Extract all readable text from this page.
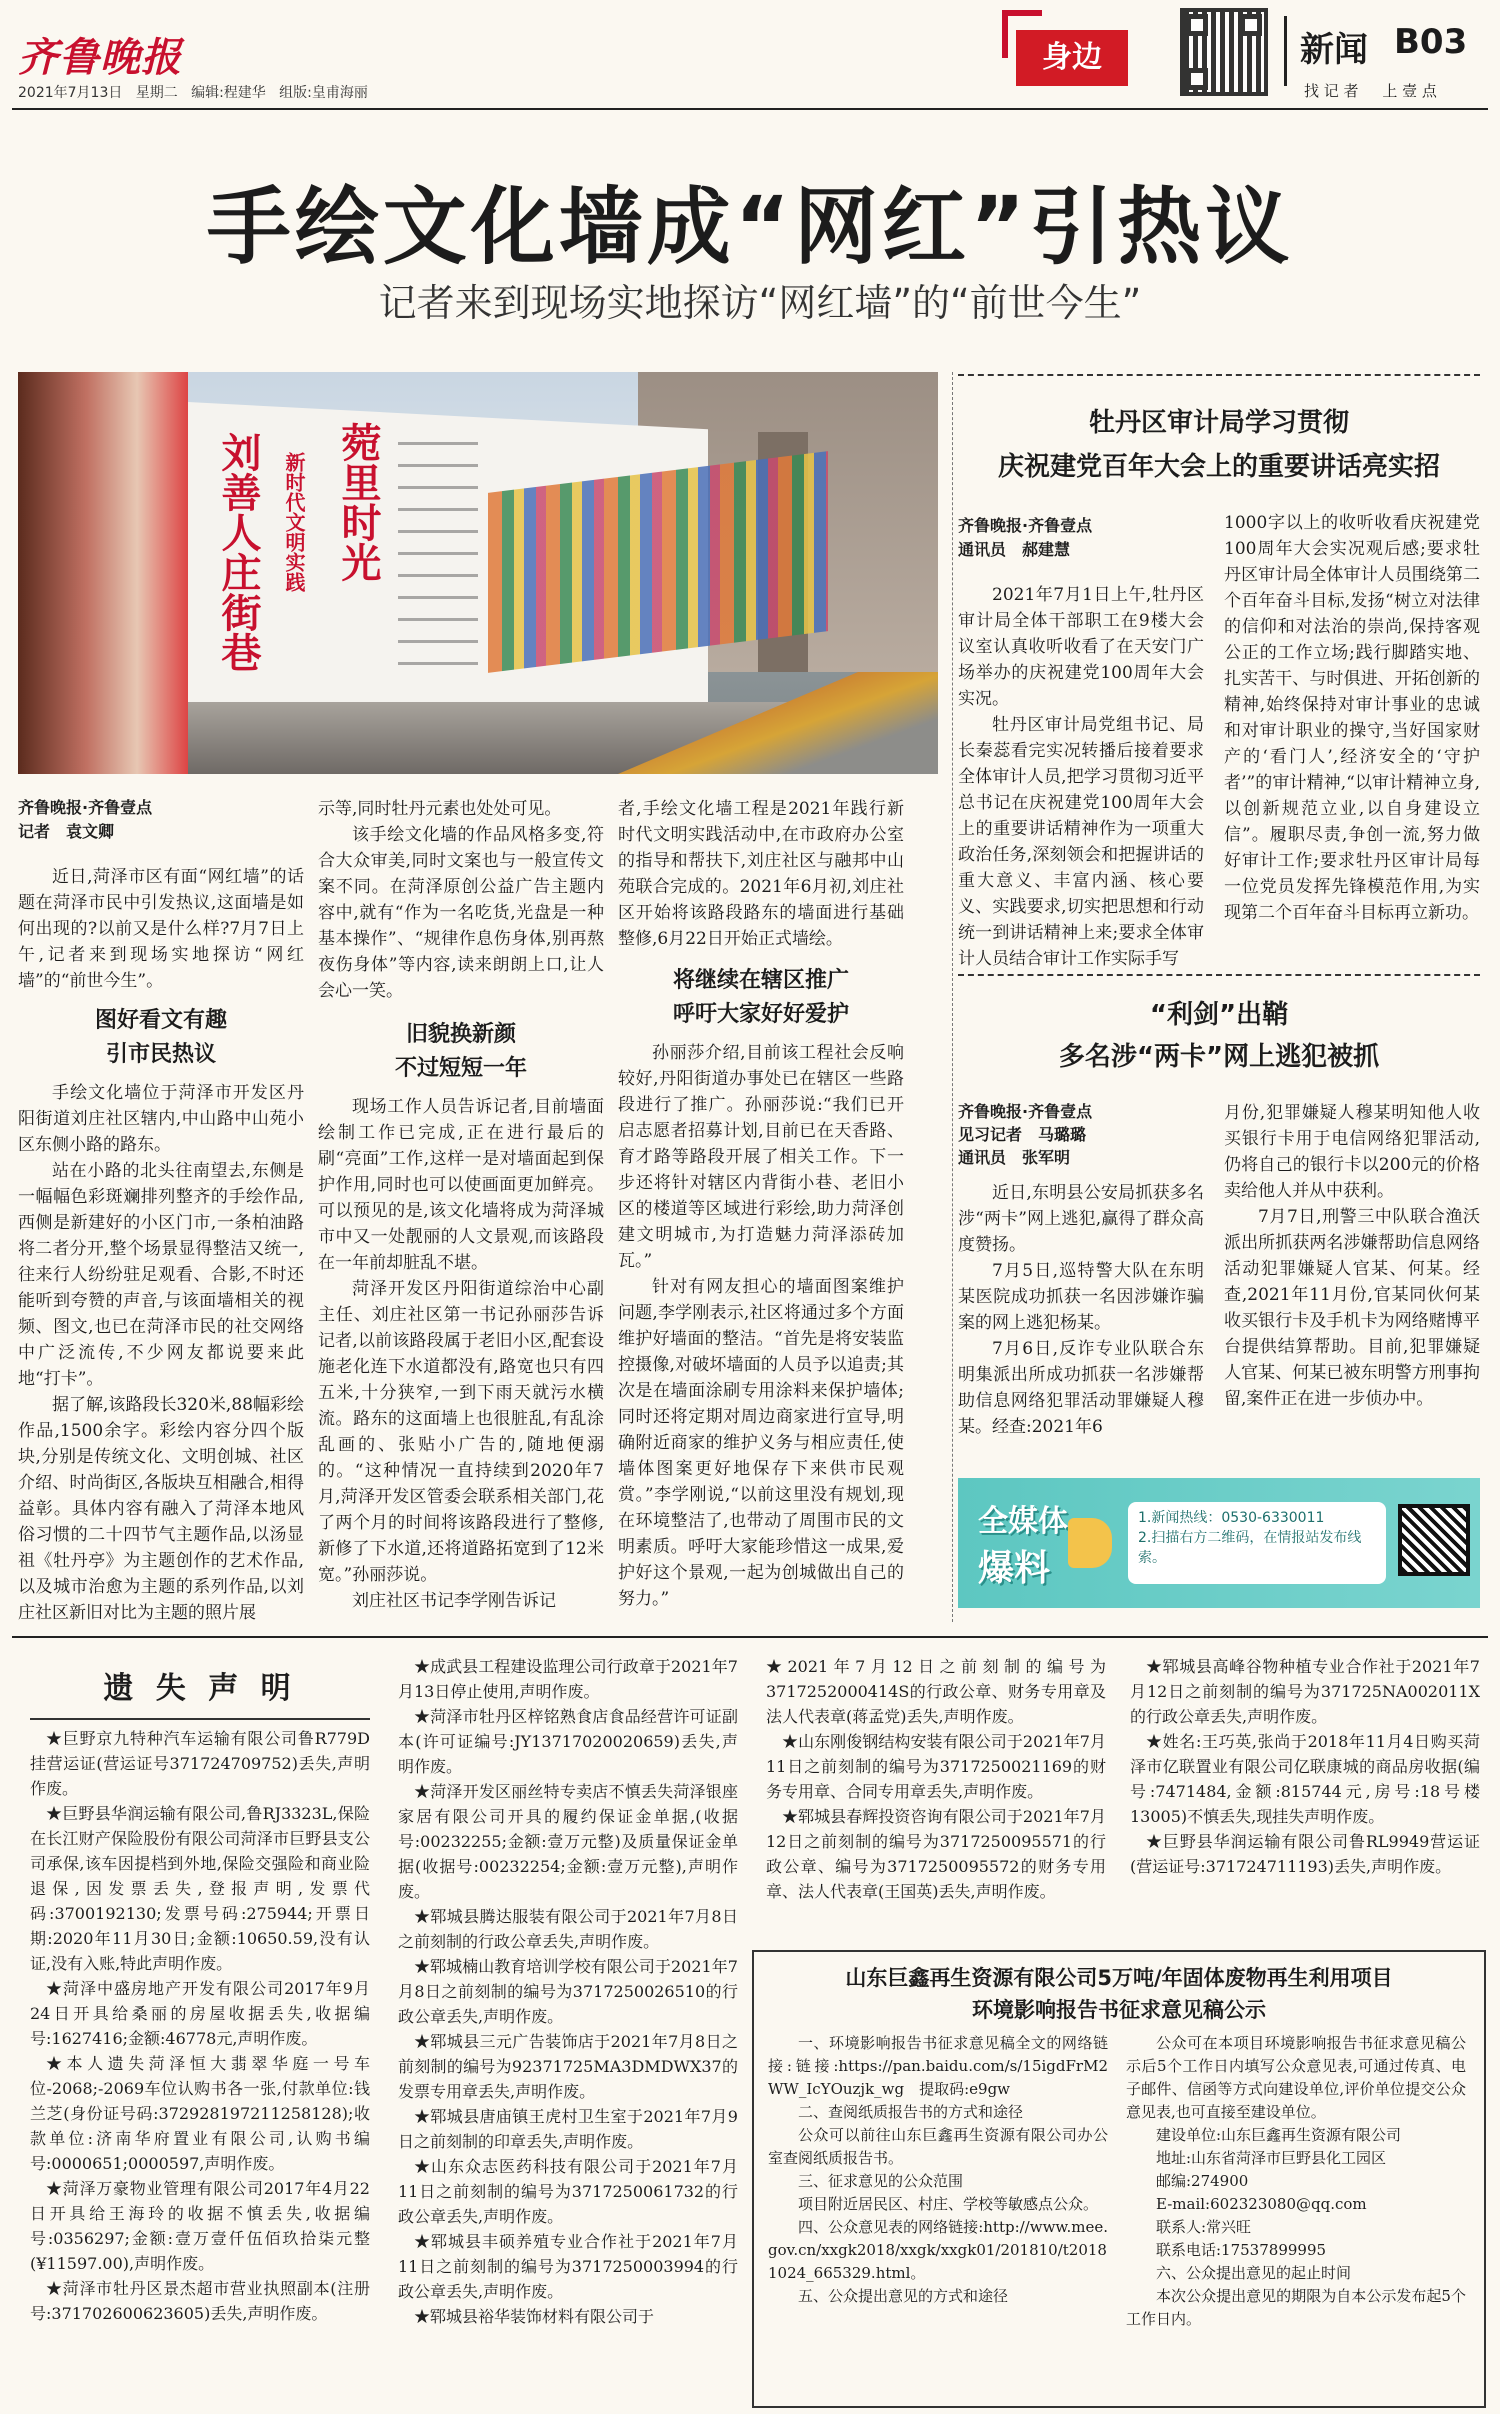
齐鲁晚报
2021年7月13日 星期二 编辑:程建华 组版:皇甫海丽
身边	新闻 B03
找 记 者     上 壹 点
手绘文化墙成“网红”引热议
记者来到现场实地探访“网红墙”的“前世今生”
刘善人庄街巷	新时代文明实践 菀里时光
齐鲁晚报·齐鲁壹点
记者　袁文卿

近日,菏泽市区有面“网红墙”的话题在菏泽市民中引发热议,这面墙是如何出现的?以前又是什么样?7月7日上午,记者来到现场实地探访“网红墙”的“前世今生”。

图好看文有趣
引市民热议

手绘文化墙位于菏泽市开发区丹阳街道刘庄社区辖内,中山路中山苑小区东侧小路的路东。

站在小路的北头往南望去,东侧是一幅幅色彩斑斓排列整齐的手绘作品,西侧是新建好的小区门市,一条柏油路将二者分开,整个场景显得整洁又统一,往来行人纷纷驻足观看、合影,不时还能听到夸赞的声音,与该面墙相关的视频、图文,也已在菏泽市民的社交网络中广泛流传,不少网友都说要来此地“打卡”。

据了解,该路段长320米,88幅彩绘作品,1500余字。彩绘内容分四个版块,分别是传统文化、文明创城、社区介绍、时尚街区,各版块互相融合,相得益彰。具体内容有融入了菏泽本地风俗习惯的二十四节气主题作品,以汤显祖《牡丹亭》为主题创作的艺术作品,以及城市治愈为主题的系列作品,以刘庄社区新旧对比为主题的照片展

示等,同时牡丹元素也处处可见。

该手绘文化墙的作品风格多变,符合大众审美,同时文案也与一般宣传文案不同。在菏泽原创公益广告主题内容中,就有“作为一名吃货,光盘是一种基本操作”、“规律作息伤身体,别再熬夜伤身体”等内容,读来朗朗上口,让人会心一笑。

旧貌换新颜
不过短短一年

现场工作人员告诉记者,目前墙面绘制工作已完成,正在进行最后的刷“亮面”工作,这样一是对墙面起到保护作用,同时也可以使画面更加鲜亮。可以预见的是,该文化墙将成为菏泽城市中又一处靓丽的人文景观,而该路段在一年前却脏乱不堪。

菏泽开发区丹阳街道综治中心副主任、刘庄社区第一书记孙丽莎告诉记者,以前该路段属于老旧小区,配套设施老化连下水道都没有,路宽也只有四五米,十分狭窄,一到下雨天就污水横流。路东的这面墙上也很脏乱,有乱涂乱画的、张贴小广告的,随地便溺的。“这种情况一直持续到2020年7月,菏泽开发区管委会联系相关部门,花了两个月的时间将该路段进行了整修,新修了下水道,还将道路拓宽到了12米宽。”孙丽莎说。

刘庄社区书记李学刚告诉记

者,手绘文化墙工程是2021年践行新时代文明实践活动中,在市政府办公室的指导和帮扶下,刘庄社区与融邦中山苑联合完成的。2021年6月初,刘庄社区开始将该路段路东的墙面进行基础整修,6月22日开始正式墙绘。

将继续在辖区推广
呼吁大家好好爱护

孙丽莎介绍,目前该工程社会反响较好,丹阳街道办事处已在辖区一些路段进行了推广。孙丽莎说:“我们已开启志愿者招募计划,目前已在天香路、育才路等路段开展了相关工作。下一步还将针对辖区内背街小巷、老旧小区的楼道等区域进行彩绘,助力菏泽创建文明城市,为打造魅力菏泽添砖加瓦。”

针对有网友担心的墙面图案维护问题,李学刚表示,社区将通过多个方面维护好墙面的整洁。“首先是将安装监控摄像,对破坏墙面的人员予以追责;其次是在墙面涂刷专用涂料来保护墙体;同时还将定期对周边商家进行宣导,明确附近商家的维护义务与相应责任,使墙体图案更好地保存下来供市民观赏。”李学刚说,“以前这里没有规划,现在环境整洁了,也带动了周围市民的文明素质。呼吁大家能珍惜这一成果,爱护好这个景观,一起为创城做出自己的努力。”

牡丹区审计局学习贯彻
庆祝建党百年大会上的重要讲话亮实招
齐鲁晚报·齐鲁壹点
通讯员　郝建慧

2021年7月1日上午,牡丹区审计局全体干部职工在9楼大会议室认真收听收看了在天安门广场举办的庆祝建党100周年大会实况。

牡丹区审计局党组书记、局长秦蕊看完实况转播后接着要求全体审计人员,把学习贯彻习近平总书记在庆祝建党100周年大会上的重要讲话精神作为一项重大政治任务,深刻领会和把握讲话的重大意义、丰富内涵、核心要义、实践要求,切实把思想和行动统一到讲话精神上来;要求全体审计人员结合审计工作实际手写

1000字以上的收听收看庆祝建党100周年大会实况观后感;要求牡丹区审计局全体审计人员围绕第二个百年奋斗目标,发扬“树立对法律的信仰和对法治的崇尚,保持客观公正的工作立场;践行脚踏实地、扎实苦干、与时俱进、开拓创新的精神,始终保持对审计事业的忠诚和对审计职业的操守,当好国家财产的‘看门人’,经济安全的‘守护者’”的审计精神,“以审计精神立身,以创新规范立业,以自身建设立信”。履职尽责,争创一流,努力做好审计工作;要求牡丹区审计局每一位党员发挥先锋模范作用,为实现第二个百年奋斗目标再立新功。

“利剑”出鞘
多名涉“两卡”网上逃犯被抓
齐鲁晚报·齐鲁壹点
见习记者　马璐璐
通讯员　张军明

近日,东明县公安局抓获多名涉“两卡”网上逃犯,赢得了群众高度赞扬。

7月5日,巡特警大队在东明某医院成功抓获一名因涉嫌诈骗案的网上逃犯杨某。

7月6日,反诈专业队联合东明集派出所成功抓获一名涉嫌帮助信息网络犯罪活动罪嫌疑人穆某。经查:2021年6

月份,犯罪嫌疑人穆某明知他人收买银行卡用于电信网络犯罪活动,仍将自己的银行卡以200元的价格卖给他人并从中获利。

7月7日,刑警三中队联合渔沃派出所抓获两名涉嫌帮助信息网络活动犯罪嫌疑人官某、何某。经查,2021年11月份,官某同伙何某收买银行卡及手机卡为网络赌博平台提供结算帮助。目前,犯罪嫌疑人官某、何某已被东明警方刑事拘留,案件正在进一步侦办中。

全媒体
爆料
1.新闻热线：0530-6330011
2.扫描右方二维码，在情报站发布线索。
遗 失 声 明

★ 巨野京九特种汽车运输有限公司鲁R779D挂营运证(营运证号371724709752)丢失,声明作废。

★ 巨野县华润运输有限公司,鲁RJ3323L,保险在长江财产保险股份有限公司菏泽市巨野县支公司承保,该车因提档到外地,保险交强险和商业险退保,因发票丢失,登报声明,发票代码:3700192130;发票号码:275944;开票日期:2020年11月30日;金额:10650.59,没有认证,没有入账,特此声明作废。

★ 菏泽中盛房地产开发有限公司2017年9月24日开具给桑丽的房屋收据丢失,收据编号:1627416;金额:46778元,声明作废。

★ 本人遗失菏泽恒大翡翠华庭一号车位-2068;-2069车位认购书各一张,付款单位:钱兰芝(身份证号码:372928197211258128);收款单位:济南华府置业有限公司,认购书编号:0000651;0000597,声明作废。

★ 菏泽万豪物业管理有限公司2017年4月22日开具给王海玲的收据不慎丢失,收据编号:0356297;金额:壹万壹仟伍佰玖拾柒元整(¥11597.00),声明作废。

★ 菏泽市牡丹区景杰超市营业执照副本(注册号:371702600623605)丢失,声明作废。

★ 成武县工程建设监理公司行政章于2021年7月13日停止使用,声明作废。

★ 菏泽市牡丹区梓铭熟食店食品经营许可证副本(许可证编号:JY13717020020659)丢失,声明作废。

★ 菏泽开发区丽丝特专卖店不慎丢失菏泽银座家居有限公司开具的履约保证金单据,(收据号:00232255;金额:壹万元整)及质量保证金单据(收据号:00232254;金额:壹万元整),声明作废。

★ 郓城县腾达服装有限公司于2021年7月8日之前刻制的行政公章丢失,声明作废。

★ 郓城楠山教育培训学校有限公司于2021年7月8日之前刻制的编号为3717250026510的行政公章丢失,声明作废。

★ 郓城县三元广告装饰店于2021年7月8日之前刻制的编号为92371725MA3DMDWX37的发票专用章丢失,声明作废。

★ 郓城县唐庙镇王虎村卫生室于2021年7月9日之前刻制的印章丢失,声明作废。

★ 山东众志医药科技有限公司于2021年7月11日之前刻制的编号为3717250061732的行政公章丢失,声明作废。

★ 郓城县丰硕养殖专业合作社于2021年7月11日之前刻制的编号为3717250003994的行政公章丢失,声明作废。

★ 郓城县裕华装饰材料有限公司于

★ 2021年7月12日之前刻制的编号为3717252000414S的行政公章、财务专用章及法人代表章(蒋孟党)丢失,声明作废。

★ 山东刚俊钢结构安装有限公司于2021年7月11日之前刻制的编号为3717250021169的财务专用章、合同专用章丢失,声明作废。

★ 郓城县春辉投资咨询有限公司于2021年7月12日之前刻制的编号为3717250095571的行政公章、编号为3717250095572的财务专用章、法人代表章(王国英)丢失,声明作废。

★ 郓城县高峰谷物种植专业合作社于2021年7月12日之前刻制的编号为371725NA002011X的行政公章丢失,声明作废。

★ 姓名:王巧英,张尚于2018年11月4日购买菏泽市亿联置业有限公司亿联康城的商品房收据(编号:7471484,金额:815744元,房号:18号楼13005)不慎丢失,现挂失声明作废。

★ 巨野县华润运输有限公司鲁RL9949营运证(营运证号:371724711193)丢失,声明作废。

山东巨鑫再生资源有限公司5万吨/年固体废物再生利用项目
环境影响报告书征求意见稿公示

一、环境影响报告书征求意见稿全文的网络链接:链接:https://pan.baidu.com/s/15igdFrM2WW_IcYOuzjk_wg　提取码:e9gw

二、查阅纸质报告书的方式和途径

公众可以前往山东巨鑫再生资源有限公司办公室查阅纸质报告书。

三、征求意见的公众范围

项目附近居民区、村庄、学校等敏感点公众。

四、公众意见表的网络链接:http://www.mee.gov.cn/xxgk2018/xxgk/xxgk01/201810/t20181024_665329.html。

五、公众提出意见的方式和途径

公众可在本项目环境影响报告书征求意见稿公示后5个工作日内填写公众意见表,可通过传真、电子邮件、信函等方式向建设单位,评价单位提交公众意见表,也可直接至建设单位。

建设单位:山东巨鑫再生资源有限公司

地址:山东省菏泽市巨野县化工园区

邮编:274900

E-mail:602323080@qq.com

联系人:常兴旺

联系电话:17537899995

六、公众提出意见的起止时间

本次公众提出意见的期限为自本公示发布起5个工作日内。
